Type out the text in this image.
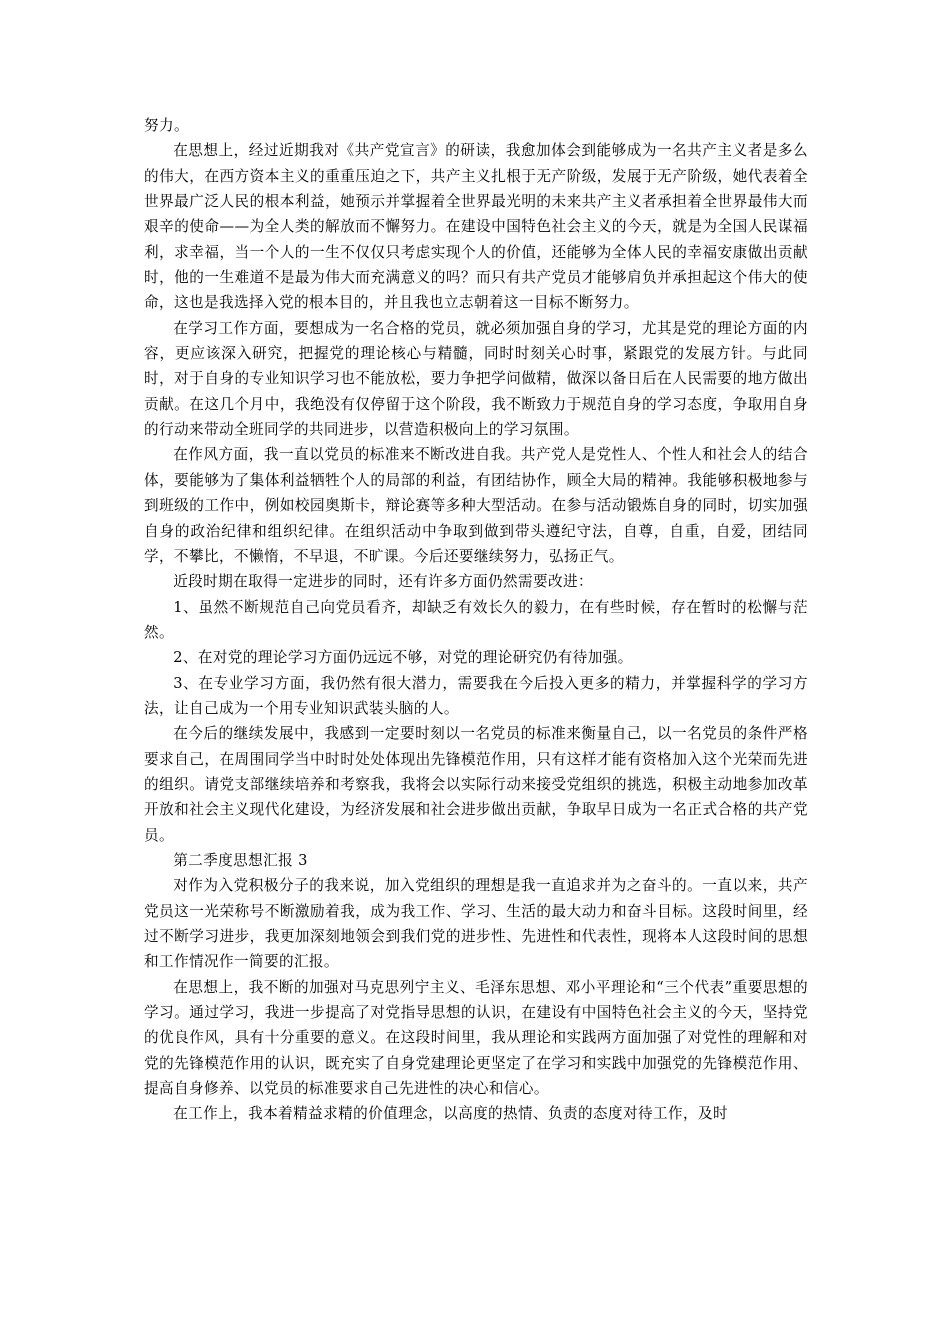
努力。

在思想上，经过近期我对《共产党宣言》的研读，我愈加体会到能够成为一名共产主义者是多么的伟大，在西方资本主义的重重压迫之下，共产主义扎根于无产阶级，发展于无产阶级，她代表着全世界最广泛人民的根本利益，她预示并掌握着全世界最光明的未来共产主义者承担着全世界最伟大而艰辛的使命——为全人类的解放而不懈努力。在建设中国特色社会主义的今天，就是为全国人民谋福利，求幸福，当一个人的一生不仅仅只考虑实现个人的价值，还能够为全体人民的幸福安康做出贡献时，他的一生难道不是最为伟大而充满意义的吗？而只有共产党员才能够肩负并承担起这个伟大的使命，这也是我选择入党的根本目的，并且我也立志朝着这一目标不断努力。

在学习工作方面，要想成为一名合格的党员，就必须加强自身的学习，尤其是党的理论方面的内容，更应该深入研究，把握党的理论核心与精髓，同时时刻关心时事，紧跟党的发展方针。与此同时，对于自身的专业知识学习也不能放松，要力争把学问做精，做深以备日后在人民需要的地方做出贡献。在这几个月中，我绝没有仅停留于这个阶段，我不断致力于规范自身的学习态度，争取用自身的行动来带动全班同学的共同进步，以营造积极向上的学习氛围。

在作风方面，我一直以党员的标准来不断改进自我。共产党人是党性人、个性人和社会人的结合体，要能够为了集体利益牺牲个人的局部的利益，有团结协作，顾全大局的精神。我能够积极地参与到班级的工作中，例如校园奥斯卡，辩论赛等多种大型活动。在参与活动锻炼自身的同时，切实加强自身的政治纪律和组织纪律。在组织活动中争取到做到带头遵纪守法，自尊，自重，自爱，团结同学，不攀比，不懒惰，不早退，不旷课。今后还要继续努力，弘扬正气。

近段时期在取得一定进步的同时，还有许多方面仍然需要改进：

1、虽然不断规范自己向党员看齐，却缺乏有效长久的毅力，在有些时候，存在暂时的松懈与茫然。

2、在对党的理论学习方面仍远远不够，对党的理论研究仍有待加强。

3、在专业学习方面，我仍然有很大潜力，需要我在今后投入更多的精力，并掌握科学的学习方法，让自己成为一个用专业知识武装头脑的人。

在今后的继续发展中，我感到一定要时刻以一名党员的标准来衡量自己，以一名党员的条件严格要求自己，在周围同学当中时时处处体现出先锋模范作用，只有这样才能有资格加入这个光荣而先进的组织。请党支部继续培养和考察我，我将会以实际行动来接受党组织的挑选，积极主动地参加改革开放和社会主义现代化建设，为经济发展和社会进步做出贡献，争取早日成为一名正式合格的共产党员。

第二季度思想汇报 3

对作为入党积极分子的我来说，加入党组织的理想是我一直追求并为之奋斗的。一直以来，共产党员这一光荣称号不断激励着我，成为我工作、学习、生活的最大动力和奋斗目标。这段时间里，经过不断学习进步，我更加深刻地领会到我们党的进步性、先进性和代表性，现将本人这段时间的思想和工作情况作一简要的汇报。

在思想上，我不断的加强对马克思列宁主义、毛泽东思想、邓小平理论和“三个代表”重要思想的学习。通过学习，我进一步提高了对党指导思想的认识，在建设有中国特色社会主义的今天，坚持党的优良作风，具有十分重要的意义。在这段时间里，我从理论和实践两方面加强了对党性的理解和对党的先锋模范作用的认识，既充实了自身党建理论更坚定了在学习和实践中加强党的先锋模范作用、提高自身修养、以党员的标准要求自己先进性的决心和信心。

在工作上，我本着精益求精的价值理念，以高度的热情、负责的态度对待工作，及时
